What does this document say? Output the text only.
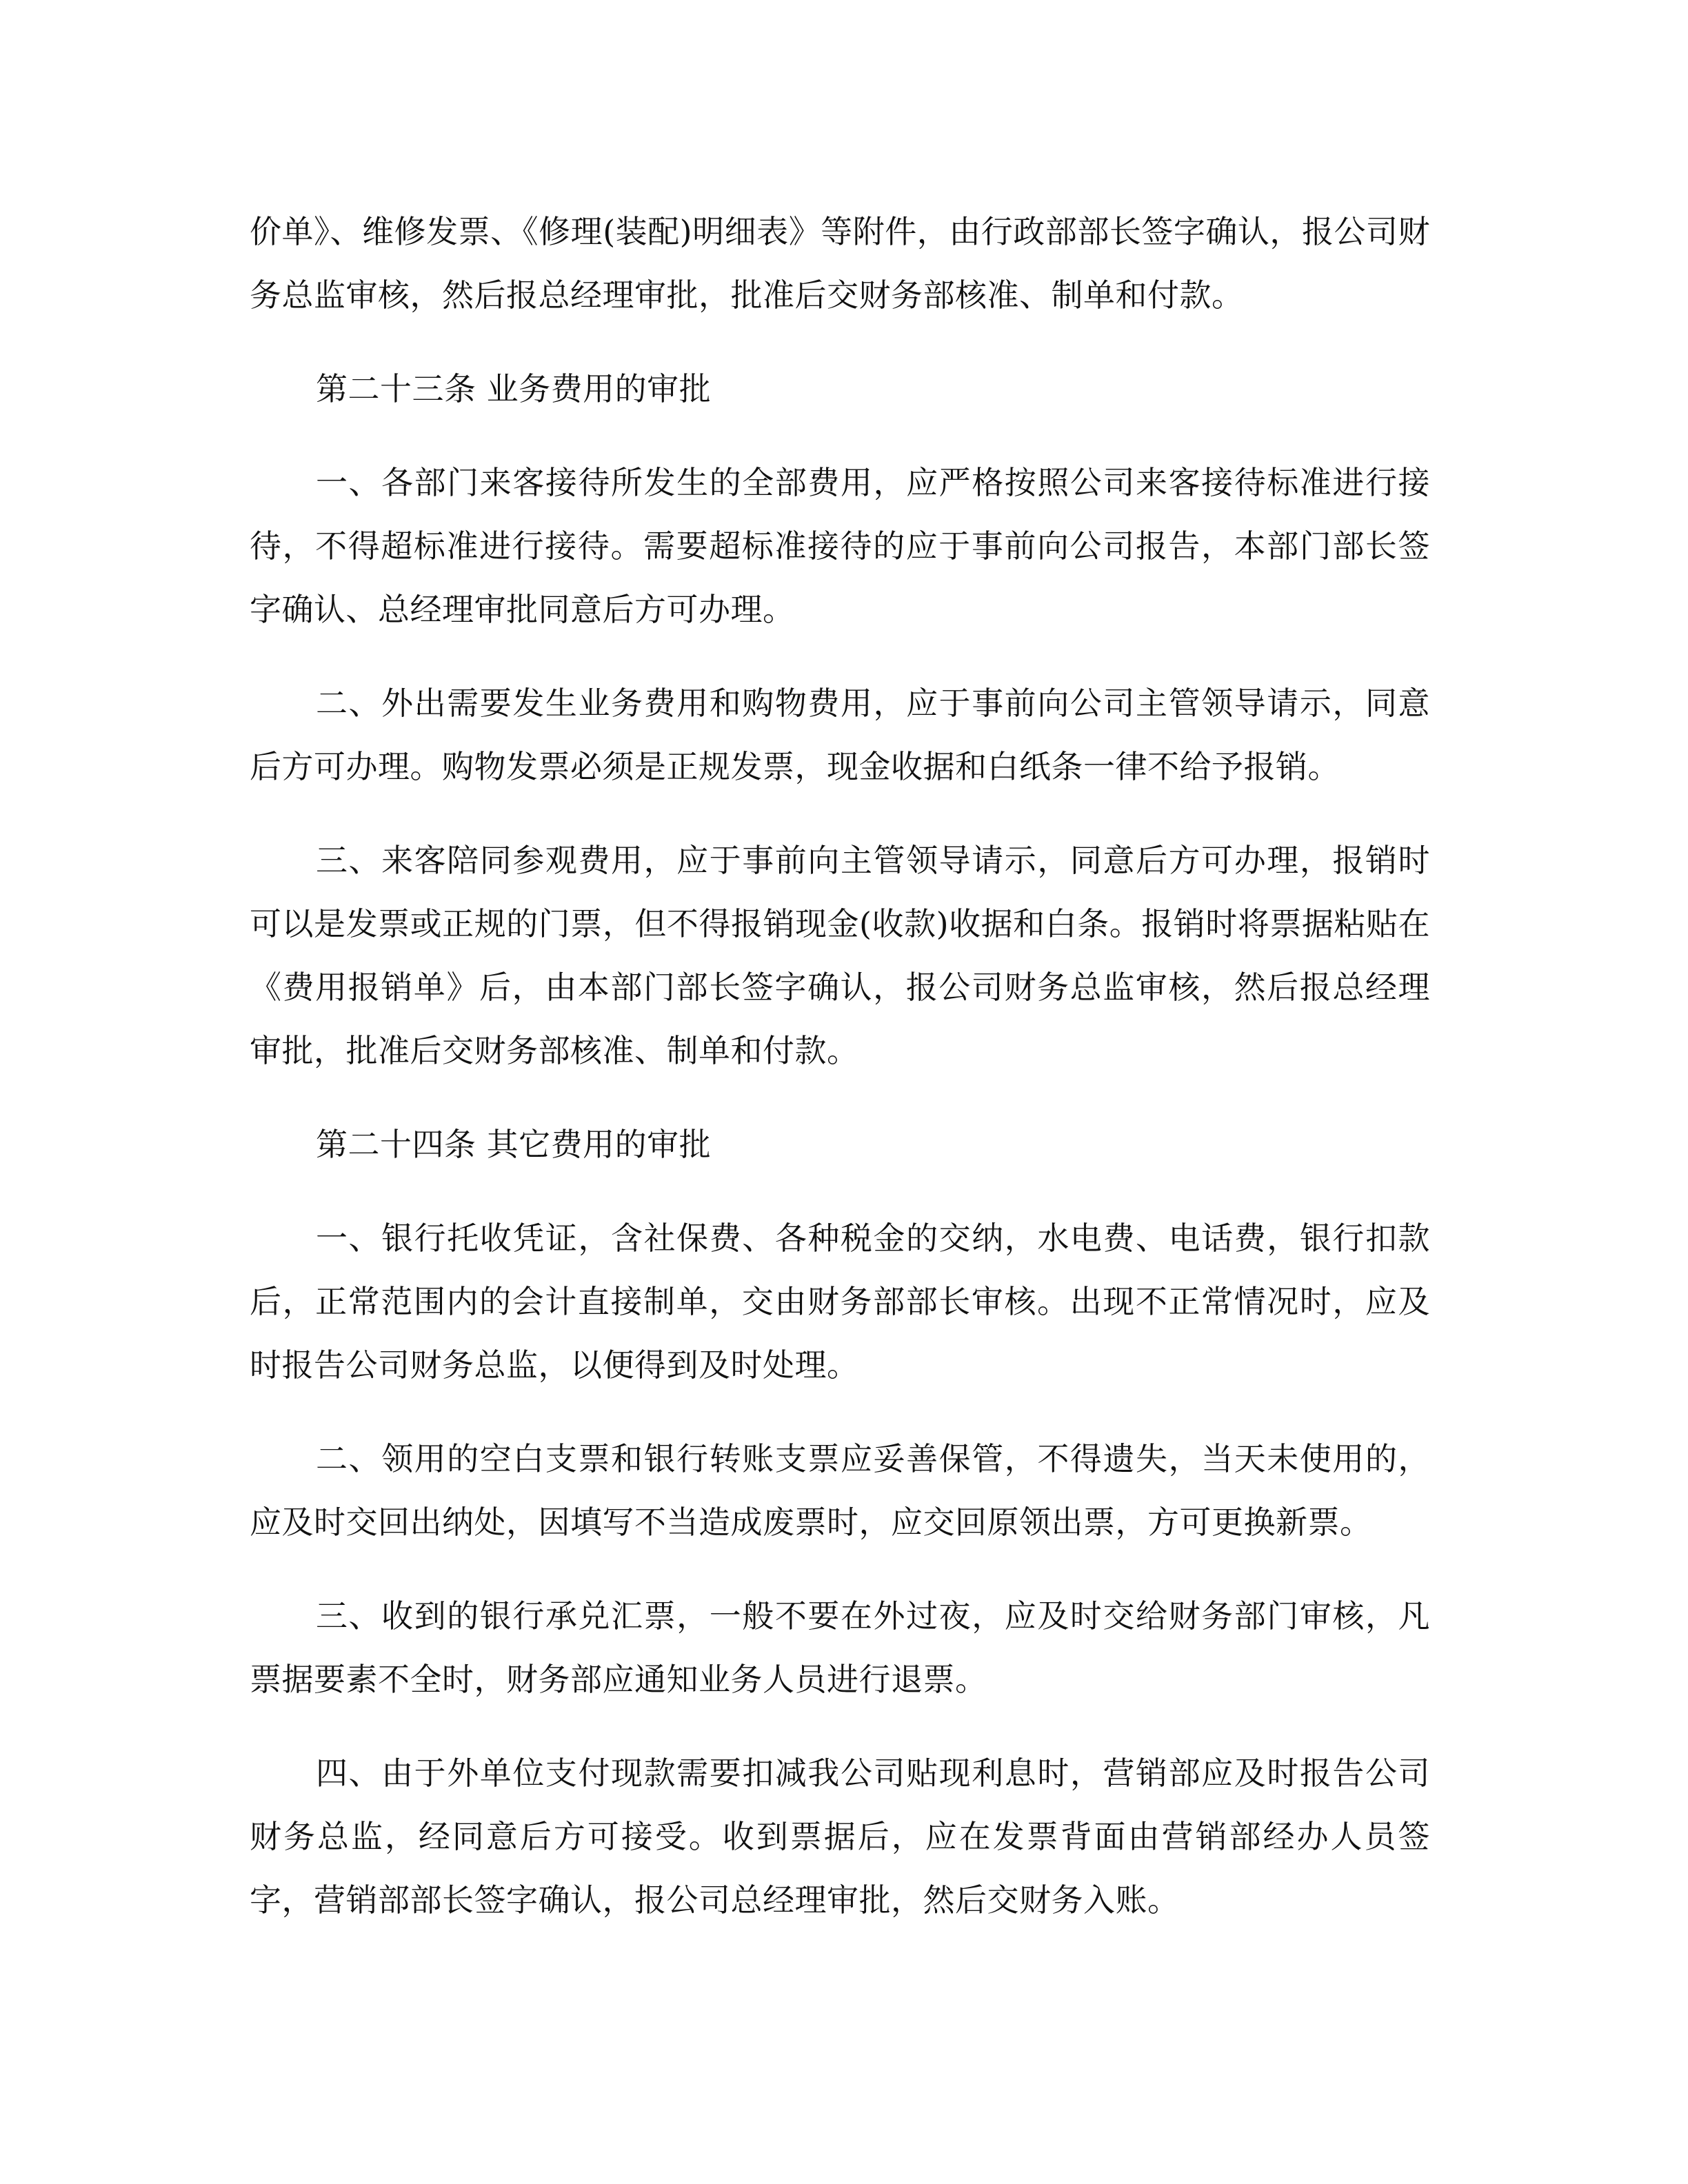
价单》、维修发票、《修理(装配)明细表》等附件，由行政部部长签字确认，报公司财务总监审核，然后报总经理审批，批准后交财务部核准、制单和付款。

第二十三条 业务费用的审批

一、各部门来客接待所发生的全部费用，应严格按照公司来客接待标准进行接待，不得超标准进行接待。需要超标准接待的应于事前向公司报告，本部门部长签字确认、总经理审批同意后方可办理。

二、外出需要发生业务费用和购物费用，应于事前向公司主管领导请示，同意后方可办理。购物发票必须是正规发票，现金收据和白纸条一律不给予报销。

三、来客陪同参观费用，应于事前向主管领导请示，同意后方可办理，报销时可以是发票或正规的门票，但不得报销现金(收款)收据和白条。报销时将票据粘贴在《费用报销单》后，由本部门部长签字确认，报公司财务总监审核，然后报总经理审批，批准后交财务部核准、制单和付款。

第二十四条 其它费用的审批

一、银行托收凭证，含社保费、各种税金的交纳，水电费、电话费，银行扣款后，正常范围内的会计直接制单，交由财务部部长审核。出现不正常情况时，应及时报告公司财务总监，以便得到及时处理。

二、领用的空白支票和银行转账支票应妥善保管，不得遗失，当天未使用的，应及时交回出纳处，因填写不当造成废票时，应交回原领出票，方可更换新票。

三、收到的银行承兑汇票，一般不要在外过夜，应及时交给财务部门审核，凡票据要素不全时，财务部应通知业务人员进行退票。

四、由于外单位支付现款需要扣减我公司贴现利息时，营销部应及时报告公司财务总监，经同意后方可接受。收到票据后，应在发票背面由营销部经办人员签字，营销部部长签字确认，报公司总经理审批，然后交财务入账。
